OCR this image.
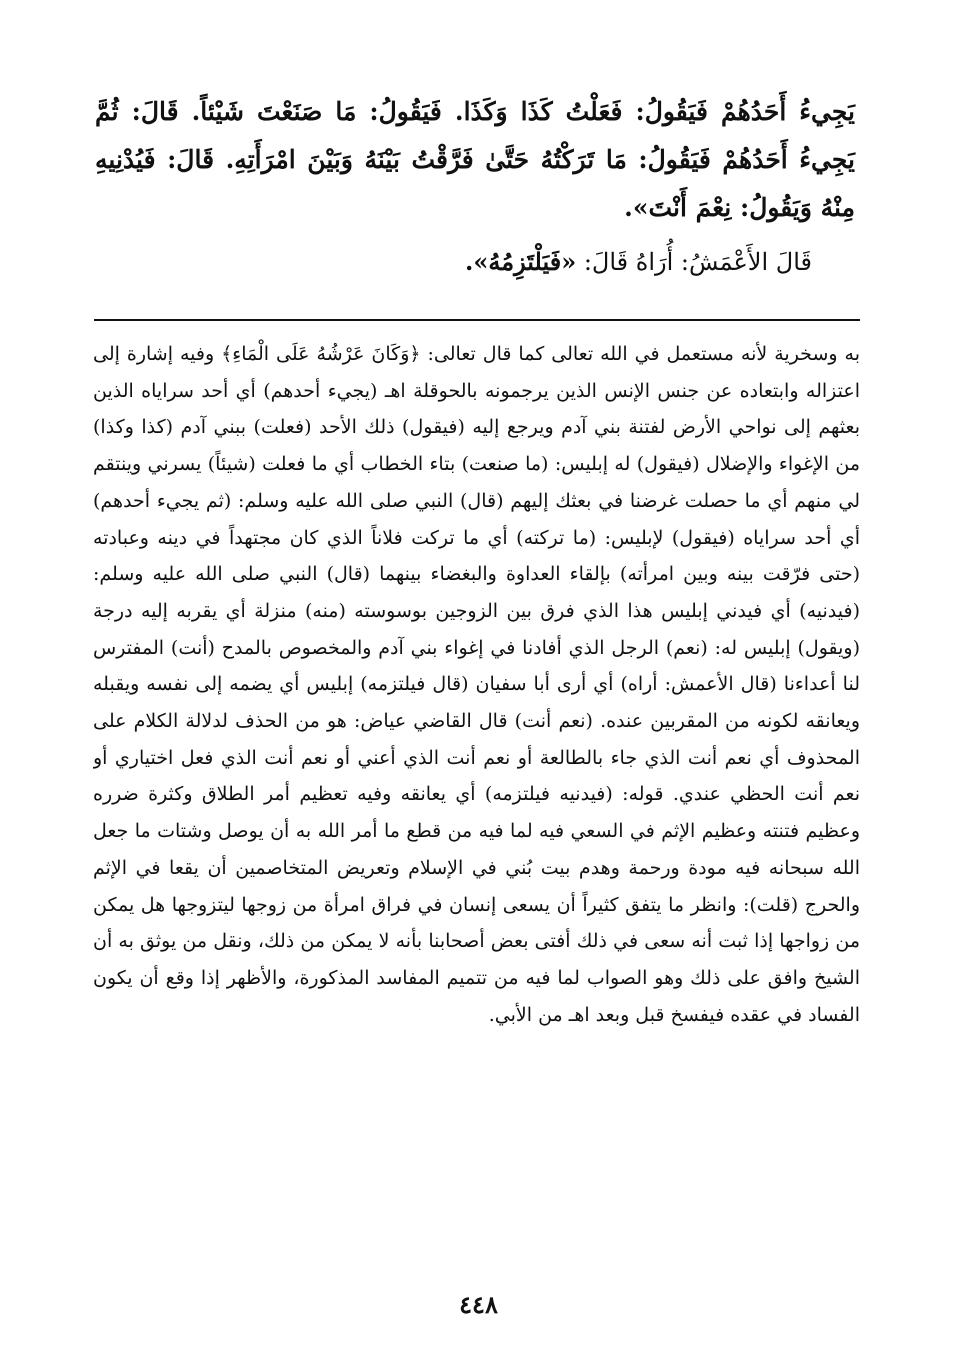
يَجِيءُ أَحَدُهُمْ فَيَقُولُ: فَعَلْتُ كَذَا وَكَذَا. فَيَقُولُ: مَا صَنَعْتَ شَيْئاً. قَالَ: ثُمَّ يَجِيءُ أَحَدُهُمْ فَيَقُولُ: مَا تَرَكْتُهُ حَتَّىٰ فَرَّقْتُ بَيْنَهُ وَبَيْنَ امْرَأَتِهِ. قَالَ: فَيُدْنِيهِ مِنْهُ وَيَقُولُ: نِعْمَ أَنْتَ».

قَالَ الأَعْمَشُ: أُرَاهُ قَالَ: «فَيَلْتَزِمُهُ».

به وسخرية لأنه مستعمل في الله تعالى كما قال تعالى: ﴿وَكَانَ عَرْشُهُ عَلَى الْمَاءِ﴾ وفيه إشارة إلى اعتزاله وابتعاده عن جنس الإنس الذين يرجمونه بالحوقلة اهـ (يجيء أحدهم) أي أحد سراياه الذين بعثهم إلى نواحي الأرض لفتنة بني آدم ويرجع إليه (فيقول) ذلك الأحد (فعلت) ببني آدم (كذا وكذا) من الإغواء والإضلال (فيقول) له إبليس: (ما صنعت) بتاء الخطاب أي ما فعلت (شيئاً) يسرني وينتقم لي منهم أي ما حصلت غرضنا في بعثك إليهم (قال) النبي صلى الله عليه وسلم: (ثم يجيء أحدهم) أي أحد سراياه (فيقول) لإبليس: (ما تركته) أي ما تركت فلاناً الذي كان مجتهداً في دينه وعبادته (حتى فرّقت بينه وبين امرأته) بإلقاء العداوة والبغضاء بينهما (قال) النبي صلى الله عليه وسلم: (فيدنيه) أي فيدني إبليس هذا الذي فرق بين الزوجين بوسوسته (منه) منزلة أي يقربه إليه درجة (ويقول) إبليس له: (نعم) الرجل الذي أفادنا في إغواء بني آدم والمخصوص بالمدح (أنت) المفترس لنا أعداءنا (قال الأعمش: أراه) أي أرى أبا سفيان (قال فيلتزمه) إبليس أي يضمه إلى نفسه ويقبله ويعانقه لكونه من المقربين عنده. (نعم أنت) قال القاضي عياض: هو من الحذف لدلالة الكلام على المحذوف أي نعم أنت الذي جاء بالطالعة أو نعم أنت الذي أعني أو نعم أنت الذي فعل اختياري أو نعم أنت الحظي عندي. قوله: (فيدنيه فيلتزمه) أي يعانقه وفيه تعظيم أمر الطلاق وكثرة ضرره وعظيم فتنته وعظيم الإثم في السعي فيه لما فيه من قطع ما أمر الله به أن يوصل وشتات ما جعل الله سبحانه فيه مودة ورحمة وهدم بيت بُني في الإسلام وتعريض المتخاصمين أن يقعا في الإثم والحرج (قلت): وانظر ما يتفق كثيراً أن يسعى إنسان في فراق امرأة من زوجها ليتزوجها هل يمكن من زواجها إذا ثبت أنه سعى في ذلك أفتى بعض أصحابنا بأنه لا يمكن من ذلك، ونقل من يوثق به أن الشيخ وافق على ذلك وهو الصواب لما فيه من تتميم المفاسد المذكورة، والأظهر إذا وقع أن يكون الفساد في عقده فيفسخ قبل وبعد اهـ من الأبي.

٤٤٨
